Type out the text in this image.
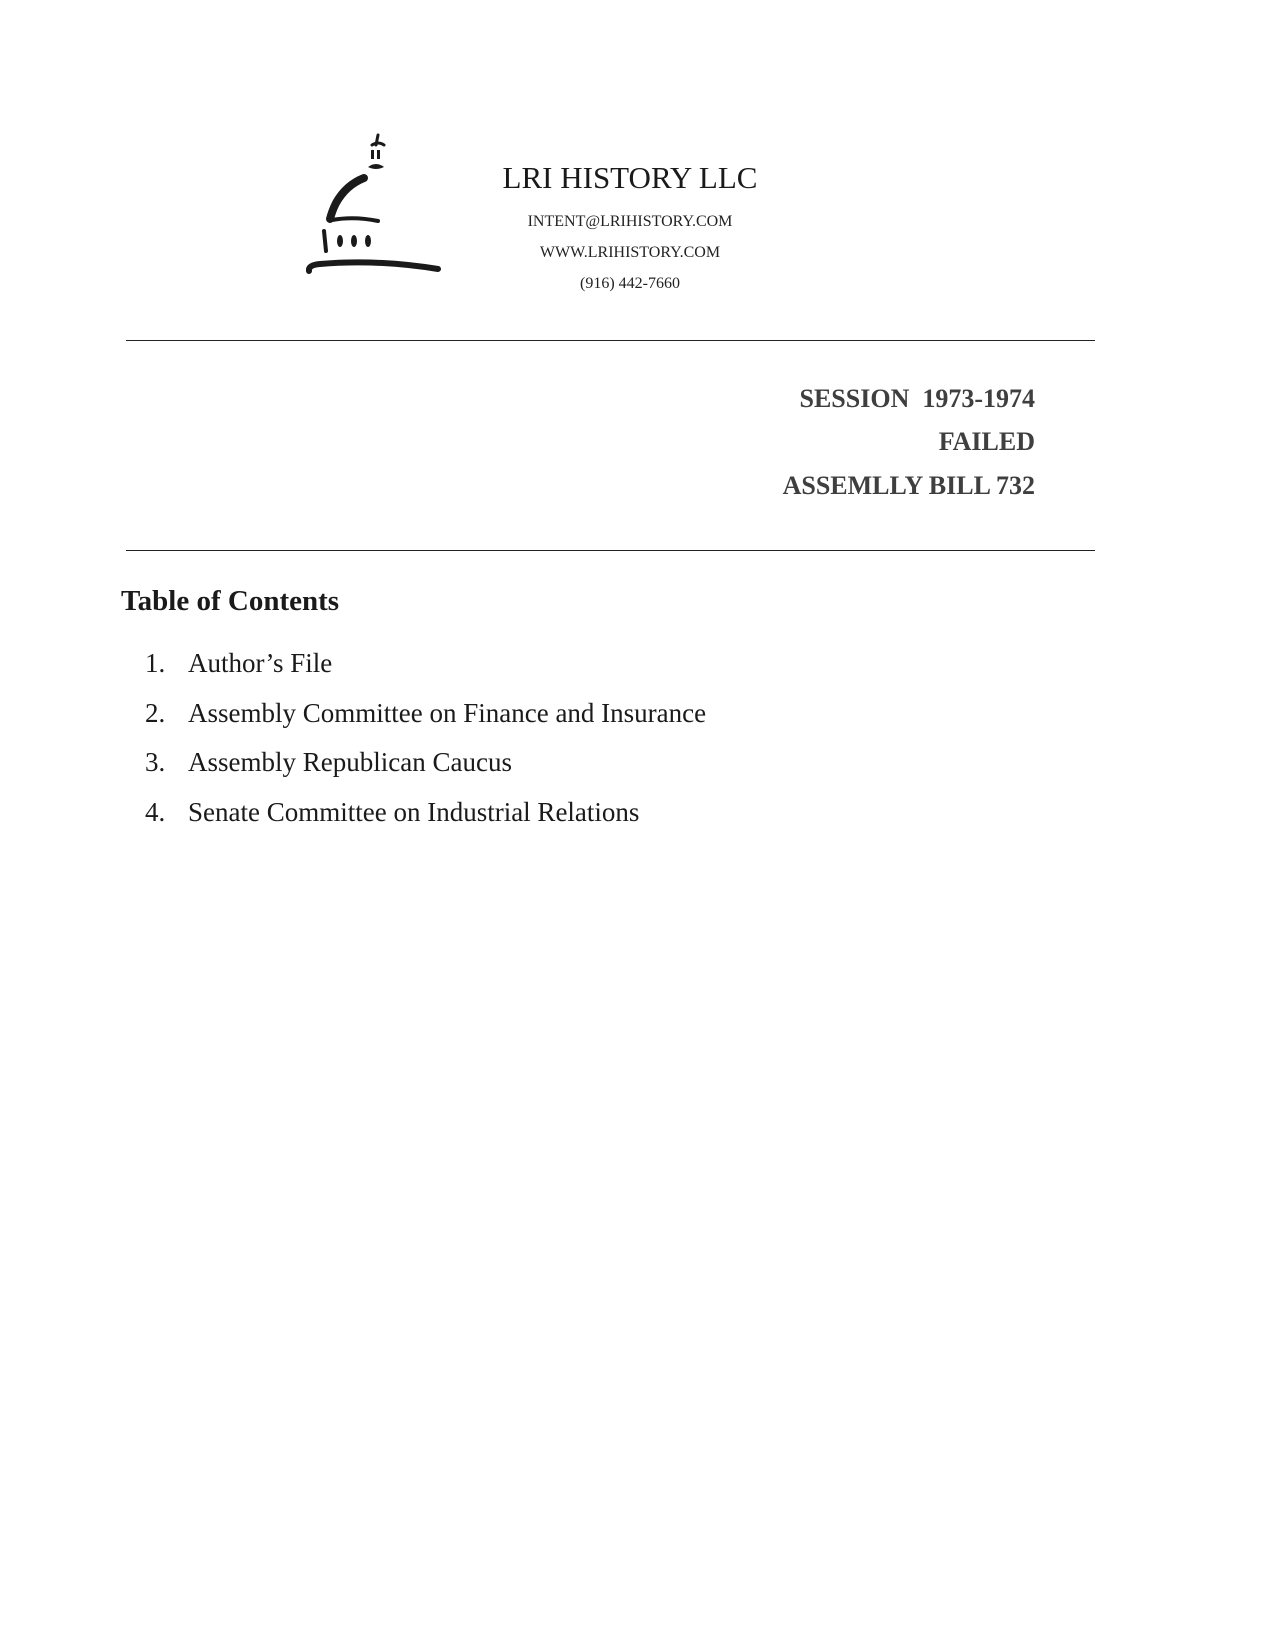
LRI HISTORY LLC
INTENT@LRIHISTORY.COM
WWW.LRIHISTORY.COM
(916) 442-7660
SESSION  1973-1974
FAILED
ASSEMLLY BILL 732
Table of Contents
1. Author’s File
2. Assembly Committee on Finance and Insurance
3. Assembly Republican Caucus
4. Senate Committee on Industrial Relations
